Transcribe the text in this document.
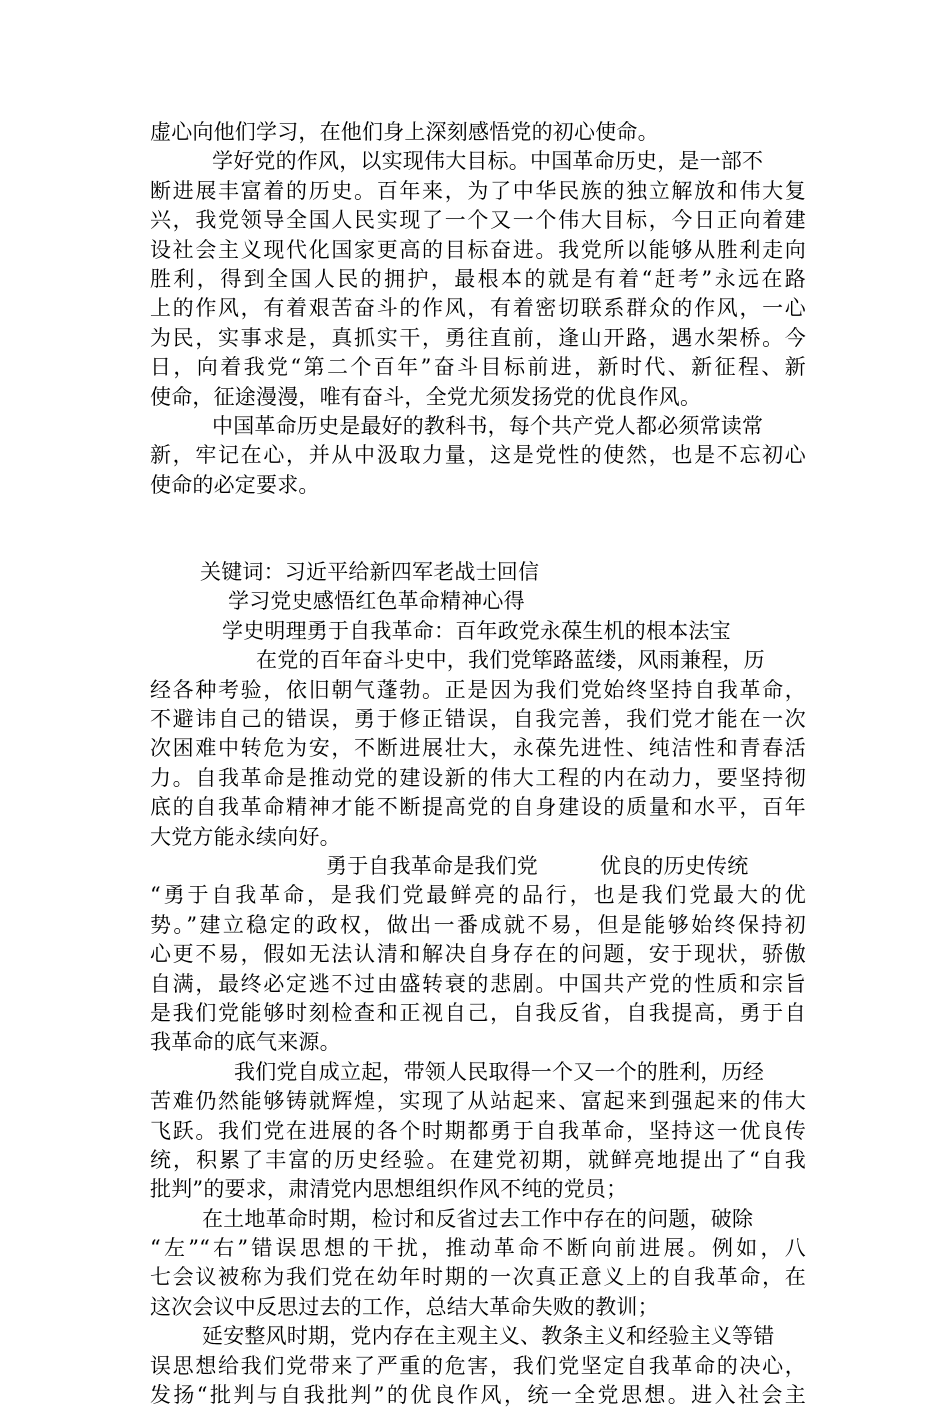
虚心向他们学习，在他们身上深刻感悟党的初心使命。
学好党的作风，以实现伟大目标。中国革命历史，是一部不
断进展丰富着的历史。百年来，为了中华民族的独立解放和伟大复
兴，我党领导全国人民实现了一个又一个伟大目标，今日正向着建
设社会主义现代化国家更高的目标奋进。我党所以能够从胜利走向
胜利，得到全国人民的拥护，最根本的就是有着“赶考”永远在路
上的作风，有着艰苦奋斗的作风，有着密切联系群众的作风，一心
为民，实事求是，真抓实干，勇往直前，逢山开路，遇水架桥。今
日，向着我党“第二个百年”奋斗目标前进，新时代、新征程、新
使命，征途漫漫，唯有奋斗，全党尤须发扬党的优良作风。
中国革命历史是最好的教科书，每个共产党人都必须常读常
新，牢记在心，并从中汲取力量，这是党性的使然，也是不忘初心
使命的必定要求。
关键词：习近平给新四军老战士回信
学习党史感悟红色革命精神心得
学史明理勇于自我革命：百年政党永葆生机的根本法宝
在党的百年奋斗史中，我们党筚路蓝缕，风雨兼程，历
经各种考验，依旧朝气蓬勃。正是因为我们党始终坚持自我革命，
不避讳自己的错误，勇于修正错误，自我完善，我们党才能在一次
次困难中转危为安，不断进展壮大，永葆先进性、纯洁性和青春活
力。自我革命是推动党的建设新的伟大工程的内在动力，要坚持彻
底的自我革命精神才能不断提高党的自身建设的质量和水平，百年
大党方能永续向好。
勇于自我革命是我们党	优良的历史传统
“勇于自我革命，是我们党最鲜亮的品行，也是我们党最大的优
势。”建立稳定的政权，做出一番成就不易，但是能够始终保持初
心更不易，假如无法认清和解决自身存在的问题，安于现状，骄傲
自满，最终必定逃不过由盛转衰的悲剧。中国共产党的性质和宗旨
是我们党能够时刻检查和正视自己，自我反省，自我提高，勇于自
我革命的底气来源。
我们党自成立起，带领人民取得一个又一个的胜利，历经
苦难仍然能够铸就辉煌，实现了从站起来、富起来到强起来的伟大
飞跃。我们党在进展的各个时期都勇于自我革命，坚持这一优良传
统，积累了丰富的历史经验。在建党初期，就鲜亮地提出了“自我
批判”的要求，肃清党内思想组织作风不纯的党员；
在土地革命时期，检讨和反省过去工作中存在的问题，破除
“左”“右”错误思想的干扰，推动革命不断向前进展。例如，八
七会议被称为我们党在幼年时期的一次真正意义上的自我革命，在
这次会议中反思过去的工作，总结大革命失败的教训；
延安整风时期，党内存在主观主义、教条主义和经验主义等错
误思想给我们党带来了严重的危害，我们党坚定自我革命的决心，
发扬“批判与自我批判”的优良作风，统一全党思想。进入社会主
